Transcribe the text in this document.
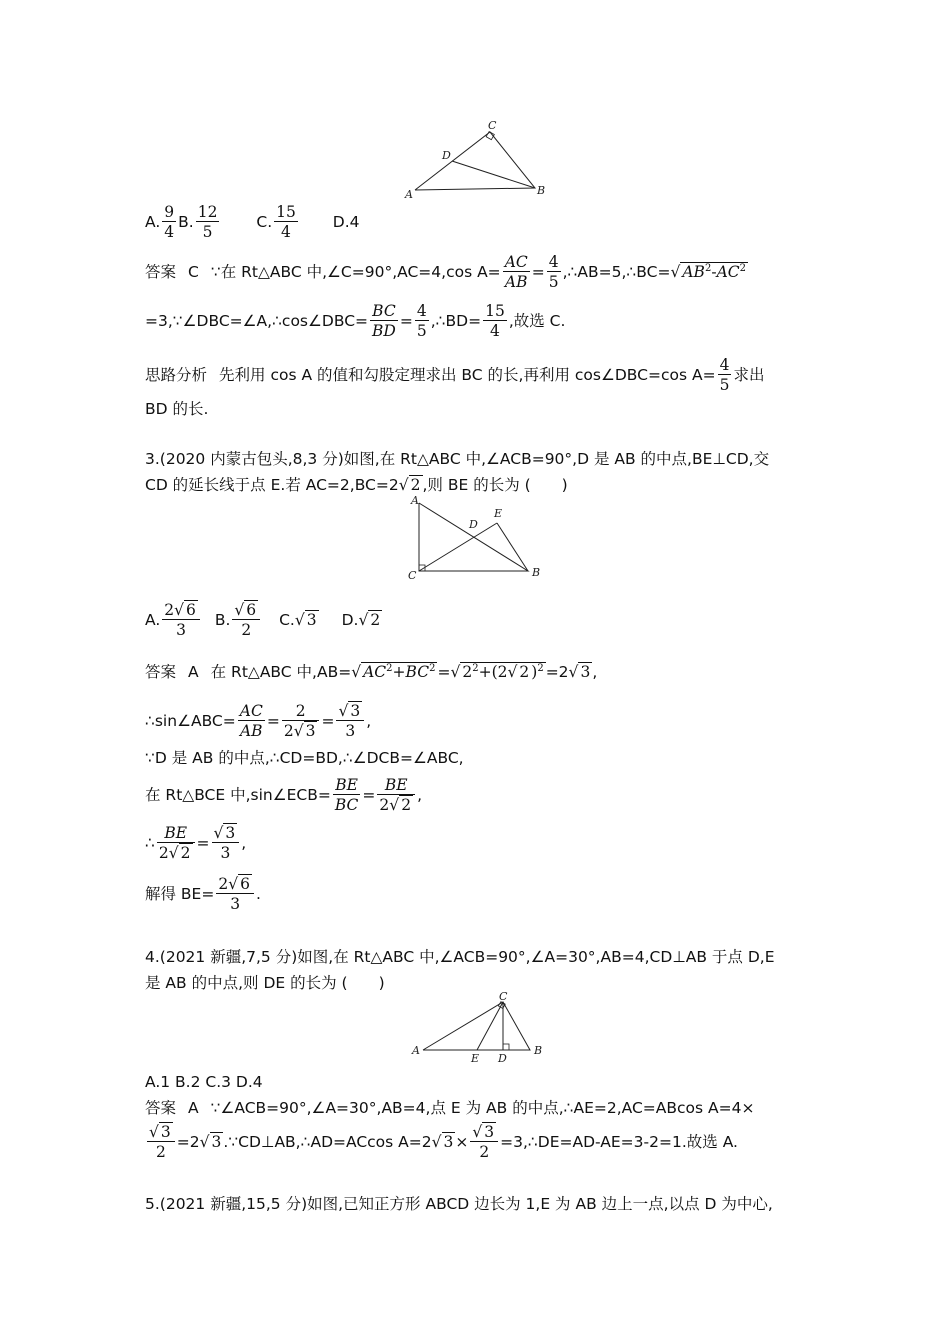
A	B
C
D
A. $\frac{9}{4} B$. $\frac{12}{5} C$. $\frac{15}{4} D.4$
答案 C ∵在 Rt△ABC 中,∠C=90°,AC=4,cos $A= \frac{AC}{AB} = \frac{4}{5}$ ,∴AB=5,∴BC=√ $AB^2-AC^2$
=3,∵∠DBC=∠A,∴cos∠DBC= $\frac{BC}{BD} = \frac{4}{5}$ ,∴BD= $\frac{15}{4}$ ,故选 C.
思路分析 先利用 cos A 的值和勾股定理求出 BC 的长,再利用 cos∠DBC=cos $A= \frac{4}{5}$ 求出
BD 的长.
3.(2020 内蒙古包头,8,3 分)如图,在 Rt△ABC 中,∠ACB=90°,D 是 AB 的中点,BE⊥CD,交
CD 的延长线于点 E.若 AC=2,BC=2√ 2 ,则 BE 的长为 (　　)
A
B
C
D
E
A. $\frac{2√ 6}{3} B$. $\frac{√ 6}{2} C.√$ 3 D.√ 2
答案 A 在 Rt△ABC 中,AB=√ $AC^2+BC^2$ =√ $2^2+(2√$ 2 )$^2$ =2√ 3 ,
∴sin∠ABC= $\frac{AC}{AB} = \frac{2}{2√ 3} = \frac{√ 3}{3}$ ,
∵D 是 AB 的中点,∴CD=BD,∴∠DCB=∠ABC,
在 Rt△BCE 中,sin∠ECB= $\frac{BE}{BC} = \frac{BE}{2√ 2}$ ,
∴ $\frac{BE}{2√ 2} = \frac{√ 3}{3}$ ,
解得 $BE= \frac{2√ 6}{3}$ .
4.(2021 新疆,7,5 分)如图,在 Rt△ABC 中,∠ACB=90°,∠A=30°,AB=4,CD⊥AB 于点 D,E
是 AB 的中点,则 DE 的长为 (　　)
A	B
C
D
E
A.1 B.2 C.3 D.4
答案 A ∵∠ACB=90°,∠A=30°,AB=4,点 E 为 AB 的中点,∴AE=2,AC=ABcos A=4×
$\frac{√ 3}{2} =2√$ 3 .∵CD⊥AB,∴AD=ACcos A=2√ $3 \times \frac{√ 3}{2}$ =3,∴DE=AD-AE=3-2=1.故选 A.
5.(2021 新疆,15,5 分)如图,已知正方形 ABCD 边长为 1,E 为 AB 边上一点,以点 D 为中心,
